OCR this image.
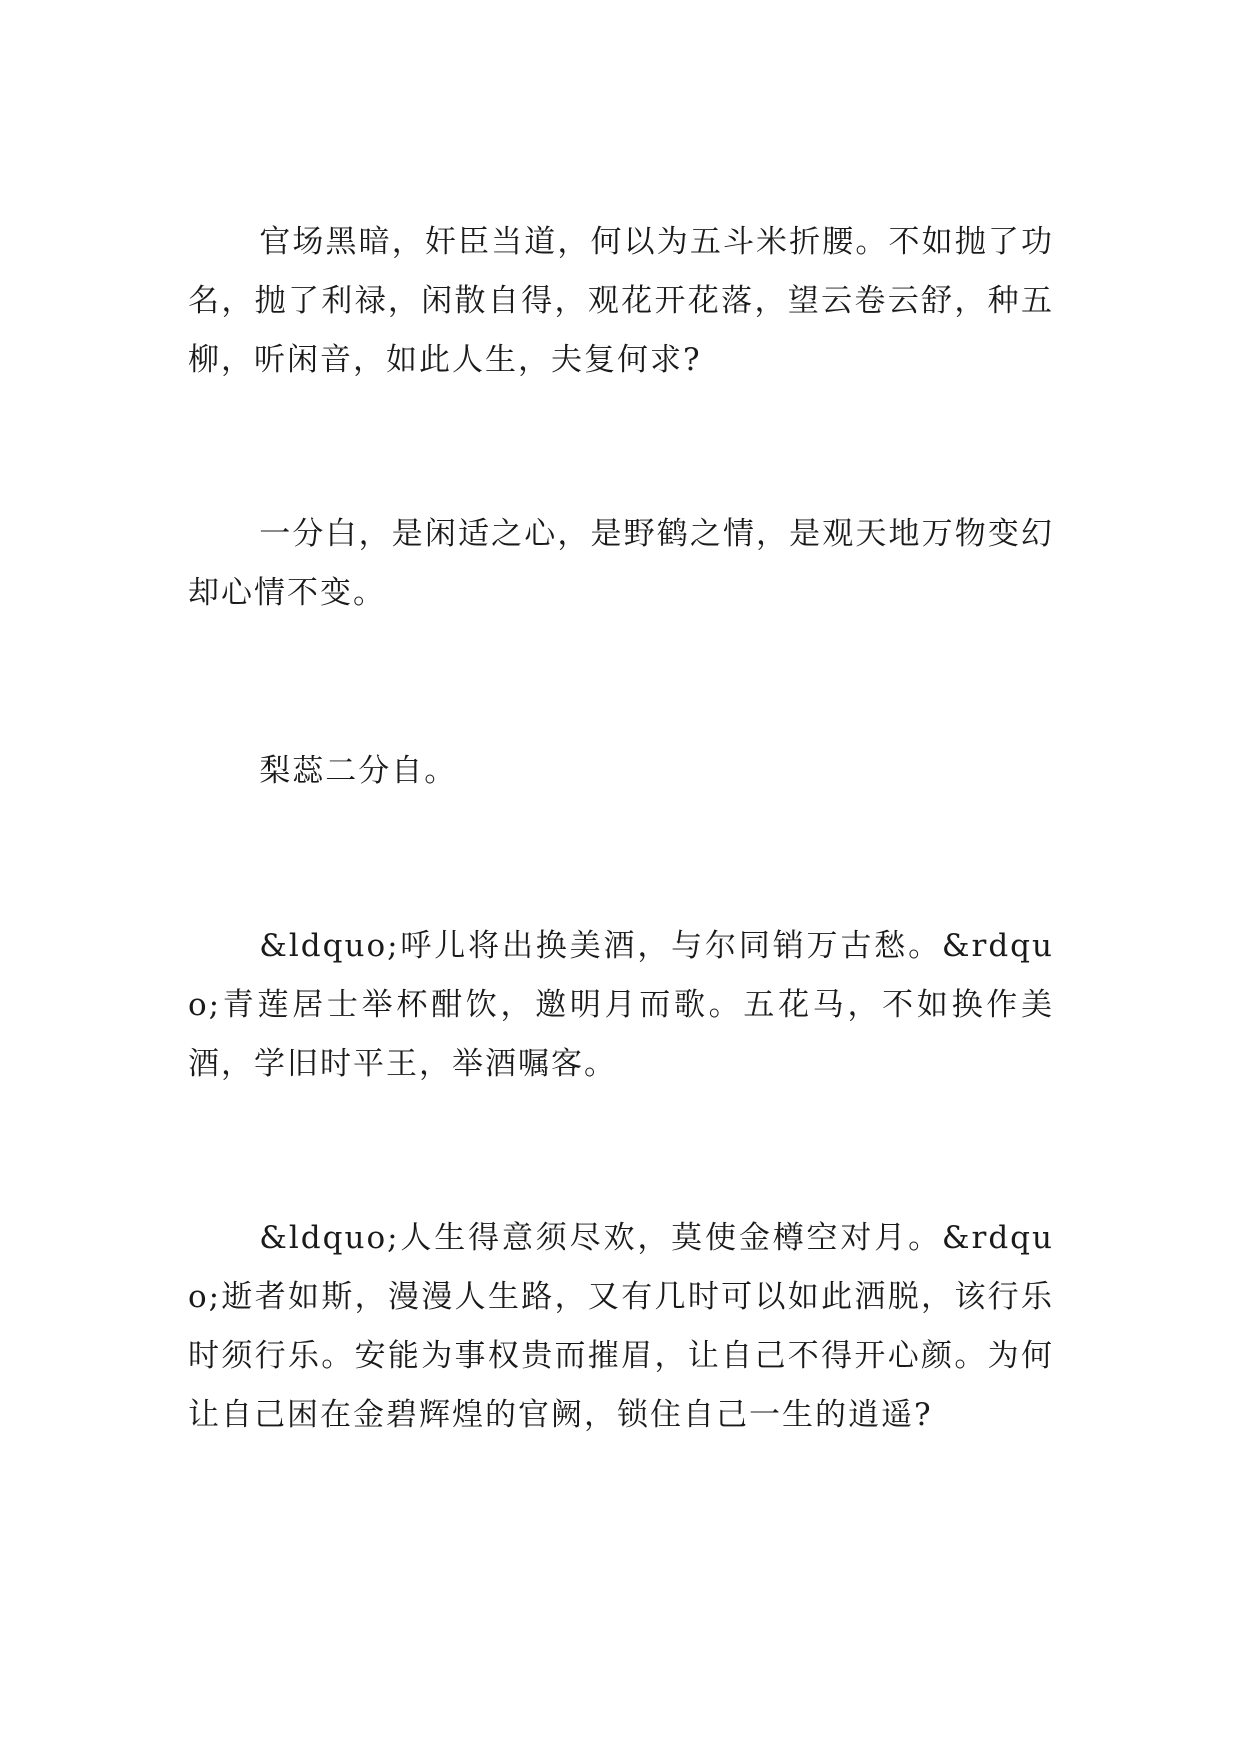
官场黑暗，奸臣当道，何以为五斗米折腰。不如抛了功名，抛了利禄，闲散自得，观花开花落，望云卷云舒，种五柳，听闲音，如此人生，夫复何求?

一分白，是闲适之心，是野鹤之情，是观天地万物变幻却心情不变。

梨蕊二分自。

&ldquo;呼儿将出换美酒，与尔同销万古愁。&rdquo;青莲居士举杯酣饮，邀明月而歌。五花马，不如换作美酒，学旧时平王，举酒嘱客。

&ldquo;人生得意须尽欢，莫使金樽空对月。&rdquo;逝者如斯，漫漫人生路，又有几时可以如此洒脱，该行乐时须行乐。安能为事权贵而摧眉，让自己不得开心颜。为何让自己困在金碧辉煌的官阙，锁住自己一生的逍遥?
